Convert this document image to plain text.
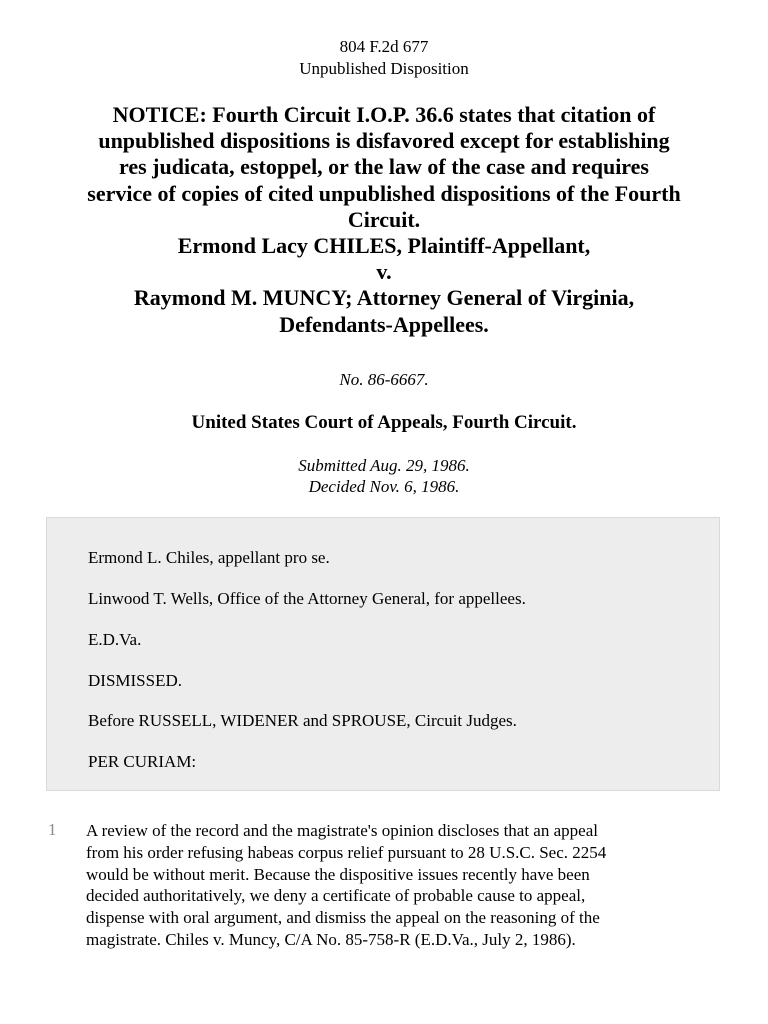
804 F.2d 677
Unpublished Disposition
NOTICE: Fourth Circuit I.O.P. 36.6 states that citation of
unpublished dispositions is disfavored except for establishing
res judicata, estoppel, or the law of the case and requires
service of copies of cited unpublished dispositions of the Fourth
Circuit.
Ermond Lacy CHILES, Plaintiff-Appellant,
v.
Raymond M. MUNCY; Attorney General of Virginia,
Defendants-Appellees.
No. 86-6667.
United States Court of Appeals, Fourth Circuit.
Submitted Aug. 29, 1986.
Decided Nov. 6, 1986.

Ermond L. Chiles, appellant pro se.

Linwood T. Wells, Office of the Attorney General, for appellees.

E.D.Va.

DISMISSED.

Before RUSSELL, WIDENER and SPROUSE, Circuit Judges.

PER CURIAM:

1 A review of the record and the magistrate's opinion discloses that an appeal
from his order refusing habeas corpus relief pursuant to 28 U.S.C. Sec. 2254
would be without merit. Because the dispositive issues recently have been
decided authoritatively, we deny a certificate of probable cause to appeal,
dispense with oral argument, and dismiss the appeal on the reasoning of the
magistrate. Chiles v. Muncy, C/A No. 85-758-R (E.D.Va., July 2, 1986).
